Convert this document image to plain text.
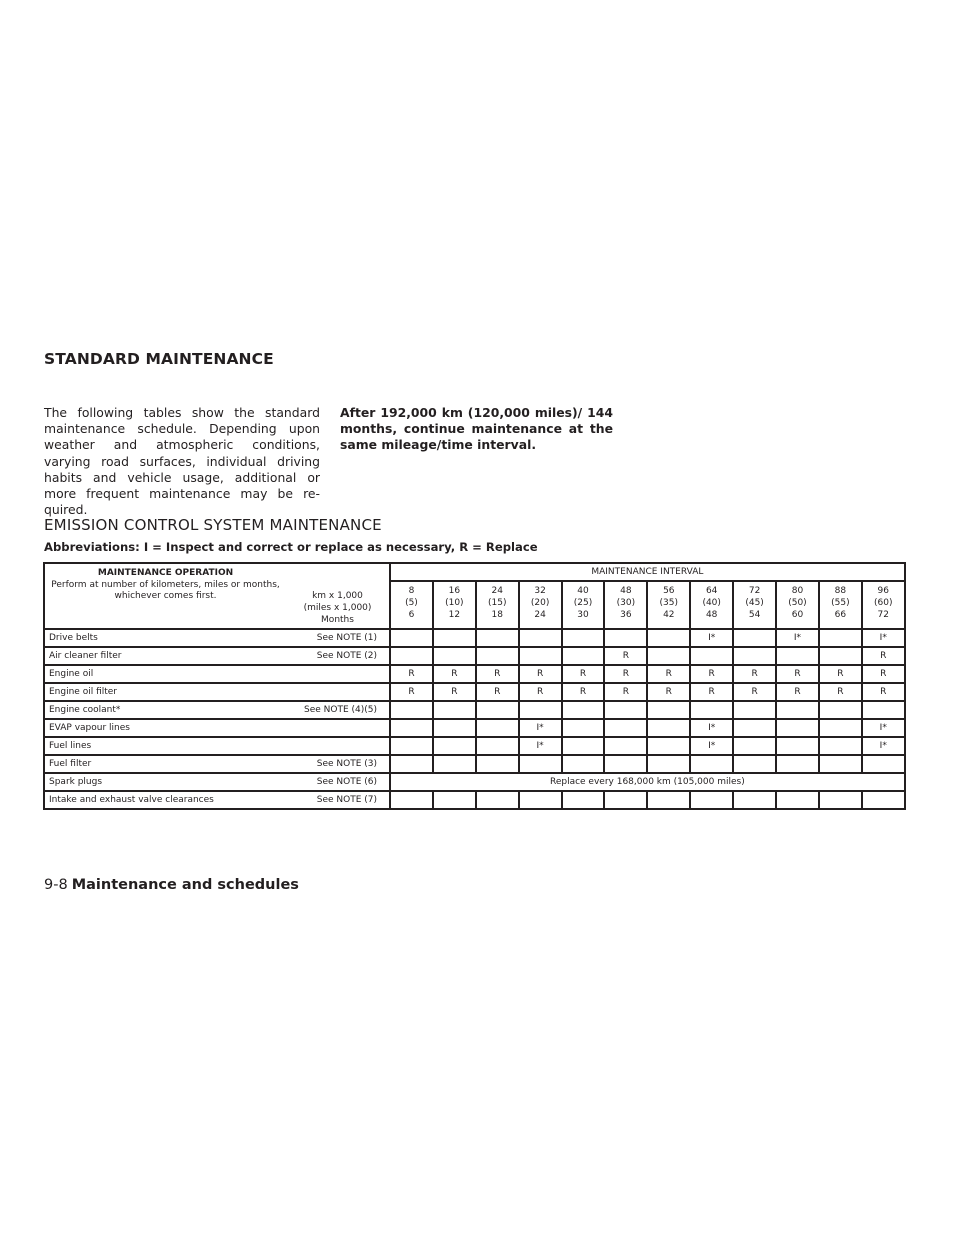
STANDARD MAINTENANCE
The following tables show the standard maintenance schedule. Depending upon weather and atmospheric conditions, varying road surfaces, individual driving habits and vehicle usage, additional or more frequent maintenance may be re-quired.
After 192,000 km (120,000 miles)/ 144 months, continue maintenance at the same mileage/time interval.
EMISSION CONTROL SYSTEM MAINTENANCE
Abbreviations: I = Inspect and correct or replace as necessary, R = Replace
MAINTENANCE OPERATION
Perform at number of kilometers, miles or months, whichever comes first.	km x 1,000
(miles x 1,000)
Months	MAINTENANCE INTERVAL											

		8
(5)
6	16
(10)
12	24
(15)
18	32
(20)
24	40
(25)
30	48
(30)
36	56
(35)
42	64
(40)
48	72
(45)
54	80
(50)
60	88
(55)
66	96
(60)
72

Drive belts	See NOTE (1)								I*		I*		I*
Air cleaner filter	See NOTE (2)						R						R
Engine oil		R	R	R	R	R	R	R	R	R	R	R	R
Engine oil filter		R	R	R	R	R	R	R	R	R	R	R	R
Engine coolant*	See NOTE (4)(5)												
EVAP vapour lines					I*				I*				I*
Fuel lines					I*				I*				I*
Fuel filter	See NOTE (3)												
Spark plugs	See NOTE (6)	Replace every 168,000 km (105,000 miles)											
Intake and exhaust valve clearances	See NOTE (7)												
9-8 Maintenance and schedules
